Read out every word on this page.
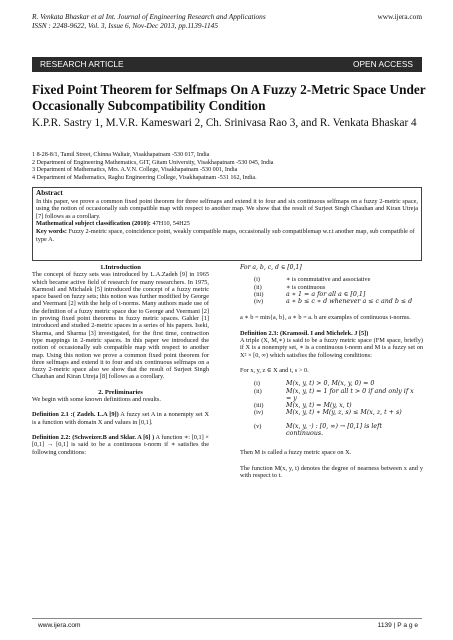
R. Venkata Bhaskar et al Int. Journal of Engineering Research and Applications
ISSN : 2248-9622, Vol. 3, Issue 6, Nov-Dec 2013, pp.1139-1145
www.ijera.com
RESEARCH ARTICLE	OPEN ACCESS
Fixed Point Theorem for Selfmaps On A Fuzzy 2-Metric Space Under Occasionally Subcompatibility Condition
K.P.R. Sastry 1, M.V.R. Kameswari 2, Ch. Srinivasa Rao 3, and R. Venkata Bhaskar 4
1 8-28-8/1, Tamil Street, Chinna Waltair, Visakhapatnam -530 017, India
2 Department of Engineering Mathematics, GIT, Gitam University, Visakhapatnam -530 045, India
3 Department of Mathematics, Mrs. A.V.N. College, Visakhapatnam -530 001, India
4 Department of Mathematics, Raghu Engineering College, Visakhapatnam -531 162, India.
Abstract
In this paper, we prove a common fixed point theorem for three selfmaps and extend it to four and six continuous selfmaps on a fuzzy 2-metric space, using the notion of occasionally sub compatible map with respect to another map. We show that the result of Surjeet Singh Chauhan and Kiran Utreja [7] follows as a corollary.
Mathematical subject classification (2010): 47H10, 54H25
Key words: Fuzzy 2-metric space, coincidence point, weakly compatible maps, occasionally sub compatiblemap w.r.t another map, sub compatible of type A.

1.Introduction

The concept of fuzzy sets was introduced by L.A.Zadeh [9] in 1965 which became active field of research for many researchers. In 1975, Karmosil and Michalek [5] introduced the concept of a fuzzy metric space based on fuzzy sets; this notion was further modified by George and Veermani [2] with the help of t-norms. Many authors made use of the definition of a fuzzy metric space due to George and Veermani [2] in proving fixed point theorems in fuzzy metric spaces. Gahler [1] introduced and studied 2-metric spaces in a series of his papers. Iseki, Sharma, and Sharma [3] investigated, for the first time, contraction type mappings in 2-metric spaces. In this paper we introduced the notion of occasionally sub compatible map with respect to another map. Using this notion we prove a common fixed point theorem for three selfmaps and extend it to four and six continuous selfmaps on a fuzzy 2-metric space also we show that the result of Surjeet Singh Chauhan and Kiran Utreja [8] follows as a corollary.

2. Preliminaries

We begin with some known definitions and results.

Definition 2.1 :( Zadeh. L.A [9]) A fuzzy set A in a nonempty set X is a function with domain X and values in [0,1].

Definition 2.2: (Schweizer.B and Sklar. A [6] ) A function ∗: [0,1] × [0,1] → [0,1] is said to be a continuous t-norm if ∗ satisfies the following conditions:

For a, b, c, d ∈ [0,1]

(i)	∗ is commutative and associative
(ii)	∗ is continuous
(iii)	a ∗ 1 = a for all a ∈ [0,1]
(iv)	a ∗ b ≤ c ∗ d whenever a ≤ c and b ≤ d

a ∗ b = min{a, b}, a ∗ b = a. b are examples of continuous t-norms.

Definition 2.3: (Kramosil. I and Michelek. J [5])
A triple (X, M,∗) is said to be a fuzzy metric space (FM space, briefly) if X is a nonempty set, ∗ is a continuous t-norm and M is a fuzzy set on X² × [0, ∞) which satisfies the following conditions:

For x, y, z ∈ X and t, s > 0.

(i)	M(x, y, t) > 0, M(x, y, 0) = 0
(ii)	M(x, y, t) = 1 for all t > 0 if and only if x = y
(iii)	M(x, y, t) = M(y, x, t)
(iv)	M(x, y, t) ∗ M(y, z, s) ≤ M(x, z, t + s)
(v)	M(x, y, ·) : [0, ∞) → [0,1] is left continuous.

Then M is called a fuzzy metric space on X.

The function M(x, y, t) denotes the degree of nearness between x and y with respect to t.

www.ijera.com	1139 | P a g e
